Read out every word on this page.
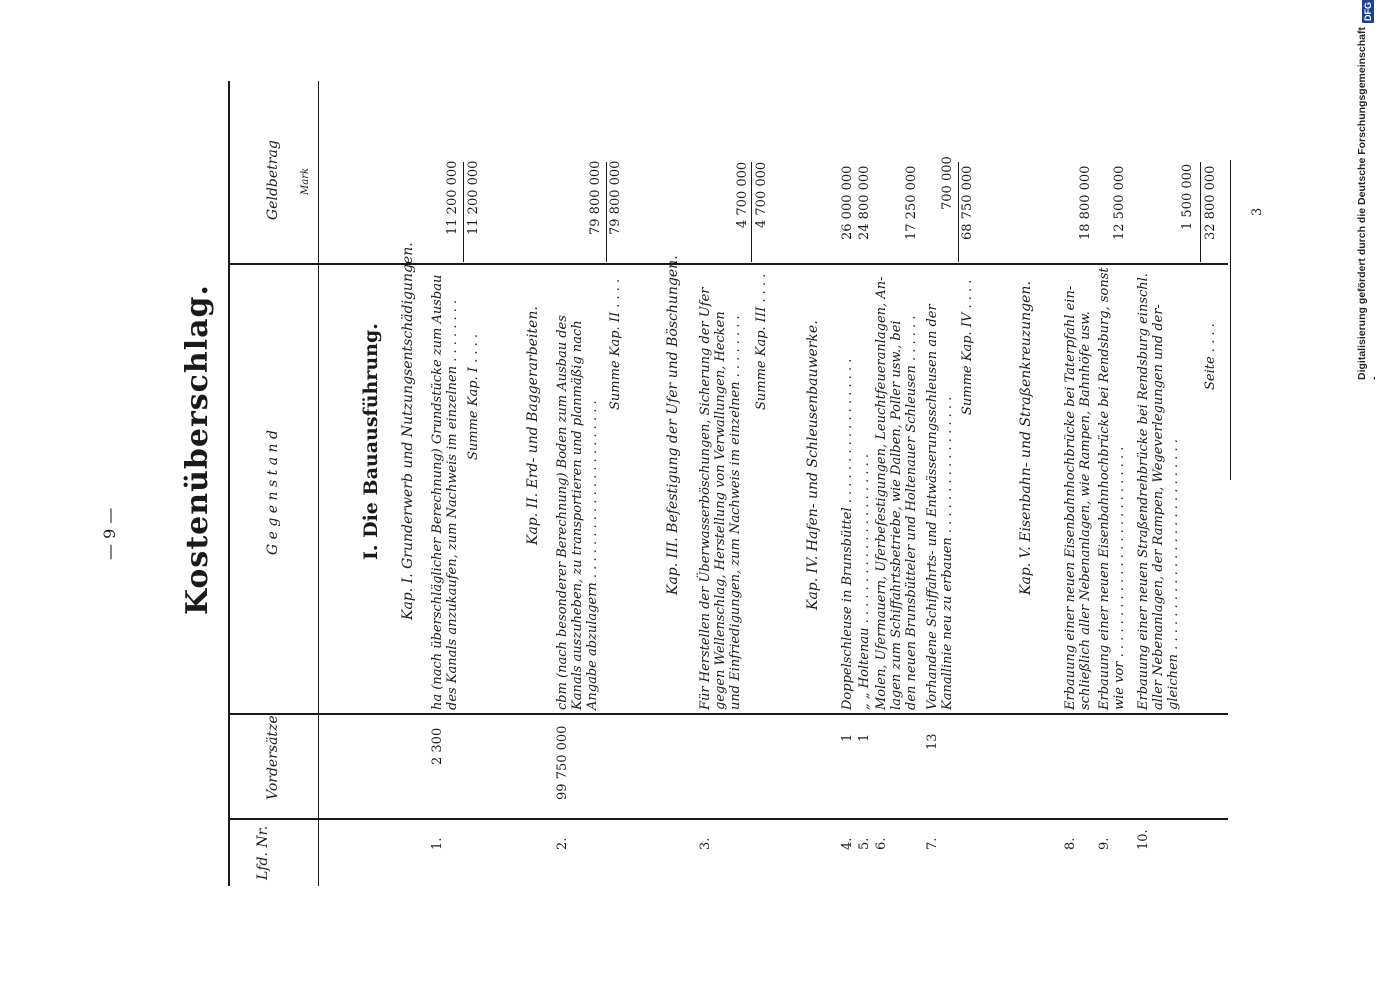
— 9 — Kostenüberschlag.
Lfd. Nr.
Vordersätze
G e g e n s t a n d
Geldbetrag Mark
I. Die Bauausführung. Kap. I. Grunderwerb und Nutzungsentschädigungen.
1.
2 300
ha (nach überschläglicher Berechnung) Grundstücke zum Ausbau des Kanals anzukaufen, zum Nachweis im einzelnen . . . . . . . .
11 200 000
Summe Kap. I . . . .
11 200 000
Kap. II. Erd- und Baggerarbeiten.
2.
99 750 000
cbm (nach besonderer Berechnung) Boden zum Ausbau des Kanals auszuheben, zu transportieren und planmäßig nach Angabe abzulagern . . . . . . . . . . . . . . . . . . . . . .
79 800 000
Summe Kap. II . . . .
79 800 000
Kap. III. Befestigung der Ufer und Böschungen.
3.
Für Herstellen der Überwasserböschungen, Sicherung der Ufer gegen Wellenschlag, Herstellung von Verwallungen, Hecken und Einfriedigungen, zum Nachweis im einzelnen . . . . . . . .
4 700 000
Summe Kap. III . . . .
4 700 000
Kap. IV. Hafen- und Schleusenbauwerke.
4.
1
Doppelschleuse in Brunsbüttel . . . . . . . . . . . . . . . . . .
26 000 000
5.
1
„ „ Holtenau . . . . . . . . . . . . . . . . . . . . .
24 800 000
6.
Molen, Ufermauern, Uferbefestigungen, Leuchtfeueranlagen, An- lagen zum Schiffahrtsbetriebe, wie Dalben, Poller usw., bei den neuen Brunsbütteler und Holtenauer Schleusen . . . . . .
17 250 000
7.
13
Vorhandene Schiffahrts- und Entwässerungsschleusen an der Kanallinie neu zu erbauen . . . . . . . . . . . . . . . . .
700 000
Summe Kap. IV . . . .
68 750 000
Kap. V. Eisenbahn- und Straßenkreuzungen.
8.
Erbauung einer neuen Eisenbahnhochbrücke bei Taterpfahl ein- schließlich aller Nebenanlagen, wie Rampen, Bahnhöfe usw.
18 800 000
9.
Erbauung einer neuen Eisenbahnhochbrücke bei Rendsburg, sonst wie vor . . . . . . . . . . . . . . . . . . . . . . . . . .
12 500 000
10.
Erbauung einer neuen Straßendrehbrücke bei Rendsburg einschl. aller Nebenanlagen, der Rampen, Wegeverlegungen und der- gleichen . . . . . . . . . . . . . . . . . . . . . . . . . .
1 500 000
Seite . . . .
32 800 000 3	Digitalisierung gefördert durch die Deutsche Forschungsgemeinschaft -
DFG
